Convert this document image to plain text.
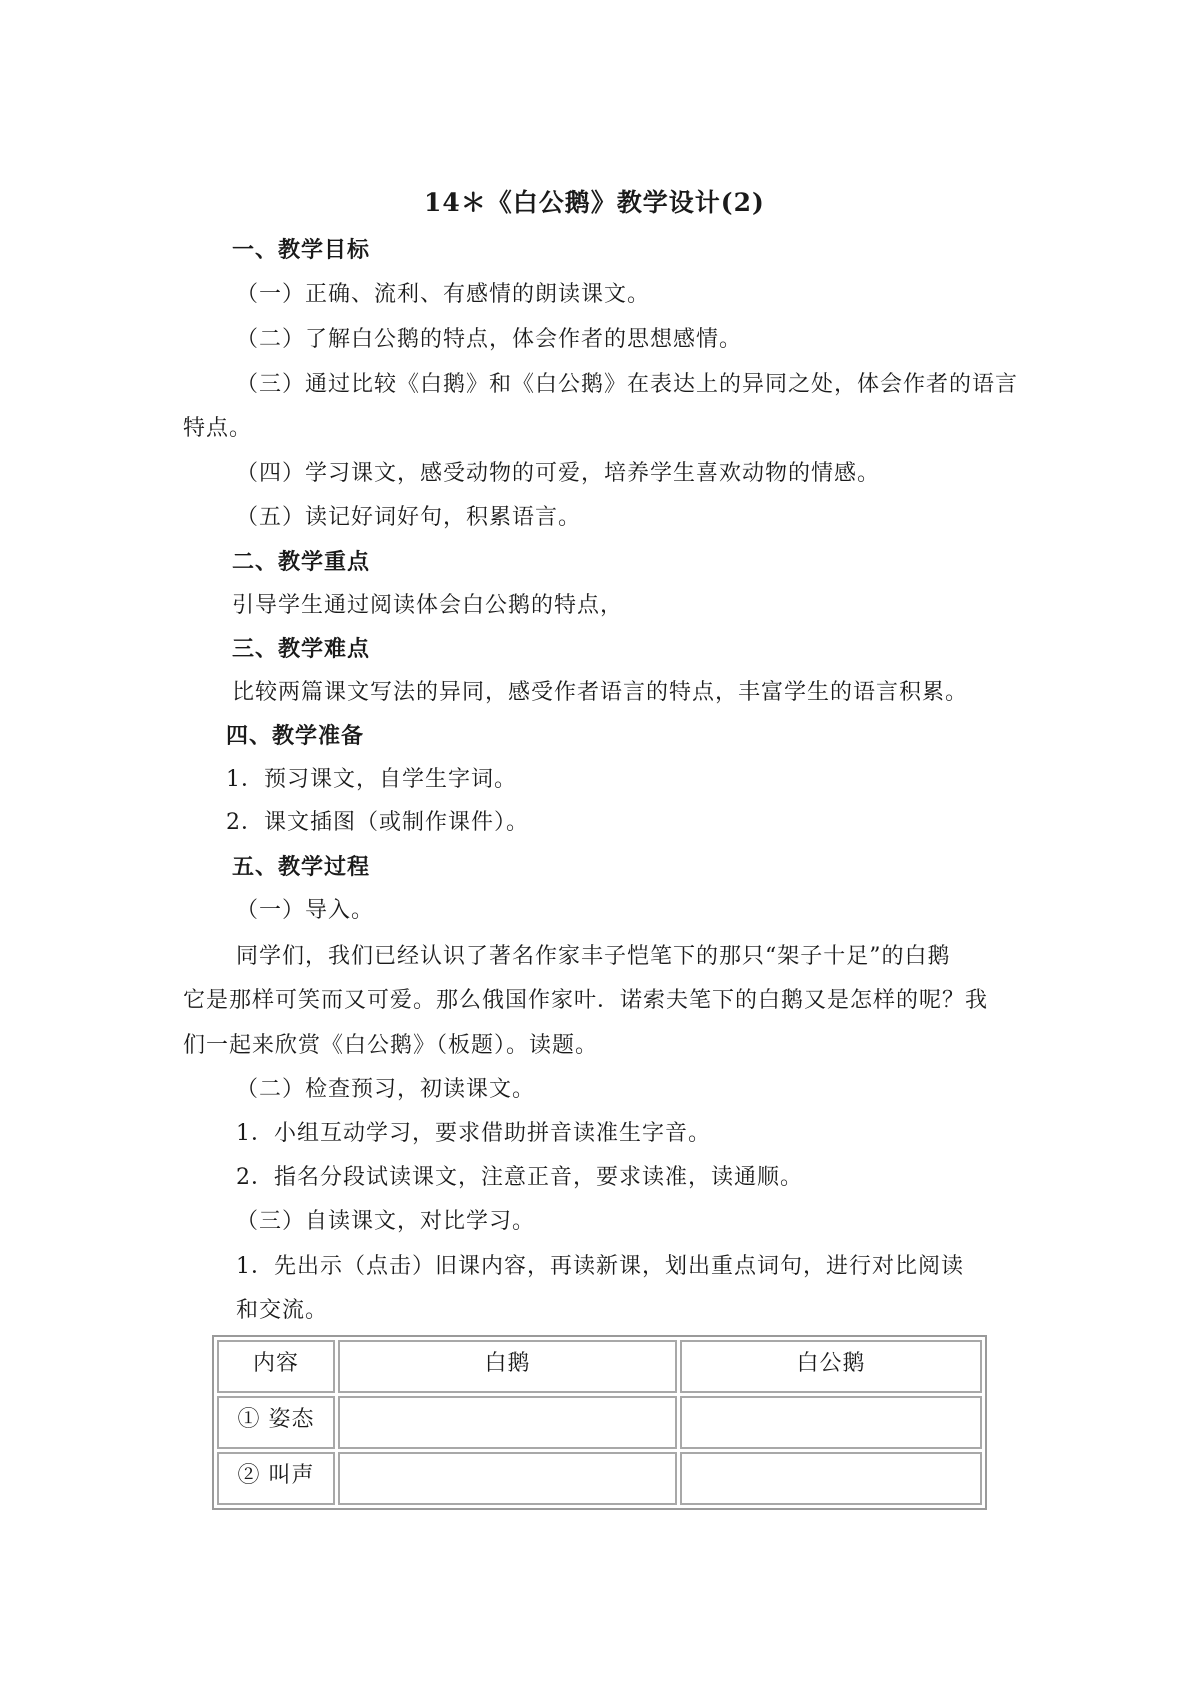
14＊《白公鹅》教学设计(2)
一、教学目标
（一）正确、流利、有感情的朗读课文。
（二）了解白公鹅的特点，体会作者的思想感情。
（三）通过比较《白鹅》和《白公鹅》在表达上的异同之处，体会作者的语言
特点。
（四）学习课文，感受动物的可爱，培养学生喜欢动物的情感。
（五）读记好词好句，积累语言。
二、教学重点
引导学生通过阅读体会白公鹅的特点，
三、教学难点
比较两篇课文写法的异同，感受作者语言的特点，丰富学生的语言积累。
四、教学准备
1．预习课文，自学生字词。
2．课文插图（或制作课件）。
五、教学过程
（一）导入。
同学们，我们已经认识了著名作家丰子恺笔下的那只“架子十足”的白鹅
它是那样可笑而又可爱。那么俄国作家叶．诺索夫笔下的白鹅又是怎样的呢？我
们一起来欣赏《白公鹅》（板题）。读题。
（二）检查预习，初读课文。
1．小组互动学习，要求借助拼音读准生字音。
2．指名分段试读课文，注意正音，要求读准，读通顺。
（三）自读课文，对比学习。
1．先出示（点击）旧课内容，再读新课，划出重点词句，进行对比阅读
和交流。
内容	白鹅	白公鹅
① 姿态		
② 叫声		
